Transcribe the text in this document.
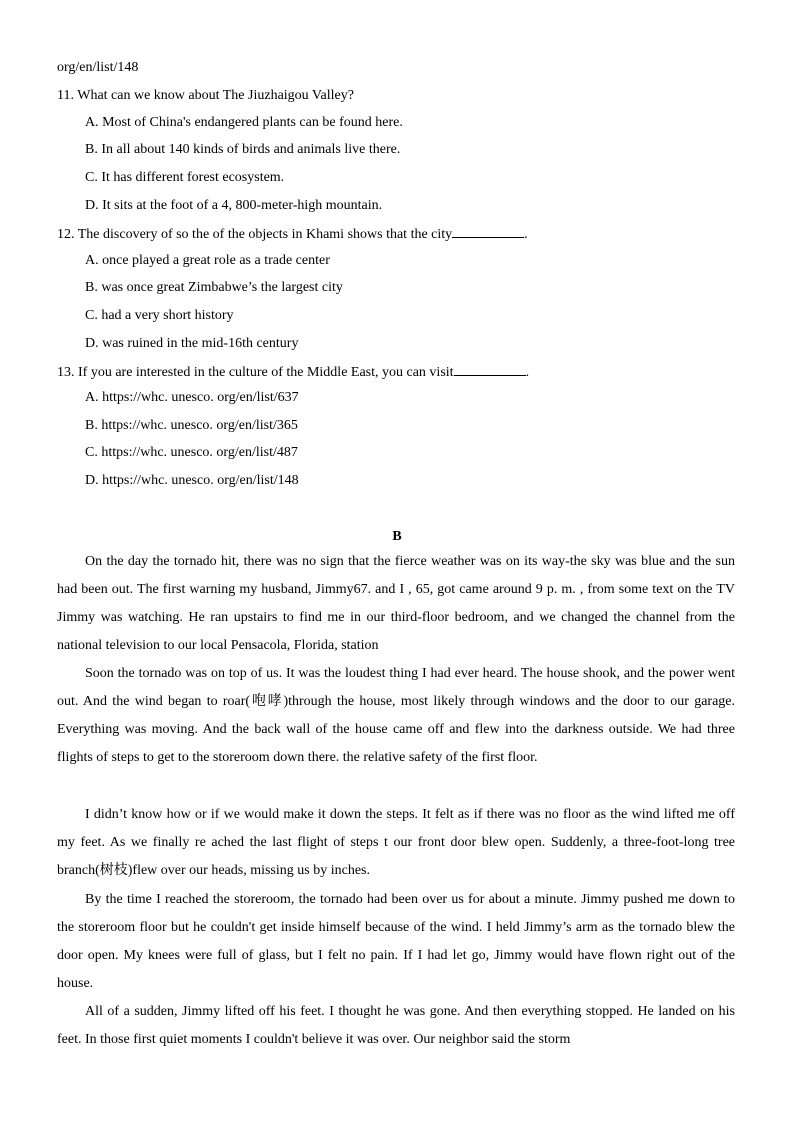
org/en/list/148
11. What can we know about The Jiuzhaigou Valley?
A. Most of China's endangered plants can be found here.
B. In all about 140 kinds of birds and animals live there.
C. It has different forest ecosystem.
D. It sits at the foot of a 4, 800-meter-high mountain.
12. The discovery of so the of the objects in Khami shows that the city	.
A. once played a great role as a trade center
B. was once great Zimbabwe’s the largest city
C. had a very short history
D. was ruined in the mid-16th century
13. If you are interested in the culture of the Middle East, you can visit	.
A. https://whc. unesco. org/en/list/637
B. https://whc. unesco. org/en/list/365
C. https://whc. unesco. org/en/list/487
D. https://whc. unesco. org/en/list/148
B
On the day the tornado hit, there was no sign that the fierce weather was on its way-the sky was blue and the sun had been out. The first warning my husband, Jimmy67. and I , 65, got came around 9 p. m. , from some text on the TV Jimmy was watching. He ran upstairs to find me in our third-floor bedroom, and we changed the channel from the national television to our local Pensacola, Florida, station
Soon the tornado was on top of us. It was the loudest thing I had ever heard. The house shook, and the power went out. And the wind began to roar(咆哮)through the house, most likely through windows and the door to our garage. Everything was moving. And the back wall of the house came off and flew into the darkness outside. We had three flights of steps to get to the storeroom down there. the relative safety of the first floor.
I didn’t know how or if we would make it down the steps. It felt as if there was no floor as the wind lifted me off my feet. As we finally re ached the last flight of steps t our front door blew open. Suddenly, a three-foot-long tree branch(树枝)flew over our heads, missing us by inches.
By the time I reached the storeroom, the tornado had been over us for about a minute. Jimmy pushed me down to the storeroom floor but he couldn't get inside himself because of the wind. I held Jimmy’s arm as the tornado blew the door open. My knees were full of glass, but I felt no pain. If I had let go, Jimmy would have flown right out of the house.
All of a sudden, Jimmy lifted off his feet. I thought he was gone. And then everything stopped. He landed on his feet. In those first quiet moments I couldn't believe it was over. Our neighbor said the storm
